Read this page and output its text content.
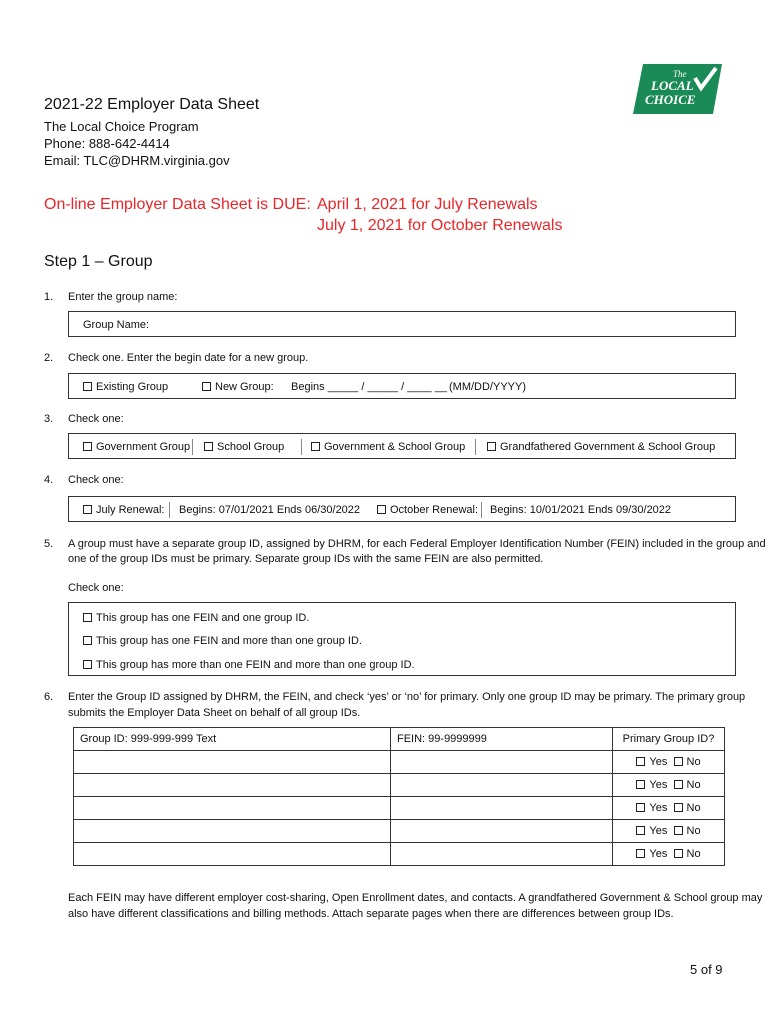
The
LOCAL
CHOICE
2021-22 Employer Data Sheet
The Local Choice Program
Phone: 888-642-4414
Email: TLC@DHRM.virginia.gov
On-line Employer Data Sheet is DUE: April 1, 2021 for July Renewals
July 1, 2021 for October Renewals
Step 1 – Group
1. Enter the group name:
Group Name:
2. Check one. Enter the begin date for a new group.
Existing Group	New Group: Begins _____ / _____ / ____ __ (MM/DD/YYYY)
3. Check one:
Government Group	School Group	Government & School Group	Grandfathered Government & School Group
4. Check one:
July Renewal: Begins: 07/01/2021 Ends 06/30/2022	October Renewal: Begins: 10/01/2021 Ends 09/30/2022
5. A group must have a separate group ID, assigned by DHRM, for each Federal Employer Identification Number (FEIN) included in the group and
one of the group IDs must be primary. Separate group IDs with the same FEIN are also permitted.
Check one:
This group has one FEIN and one group ID.
This group has one FEIN and more than one group ID.
This group has more than one FEIN and more than one group ID.
6. Enter the Group ID assigned by DHRM, the FEIN, and check ‘yes’ or ‘no’ for primary. Only one group ID may be primary. The primary group
submits the Employer Data Sheet on behalf of all group IDs.
Group ID: 999-999-999 Text	FEIN: 99-9999999	Primary Group ID?
		Yes No
		Yes No
		Yes No
		Yes No
		Yes No
Each FEIN may have different employer cost-sharing, Open Enrollment dates, and contacts. A grandfathered Government & School group may
also have different classifications and billing methods. Attach separate pages when there are differences between group IDs.
5 of 9
